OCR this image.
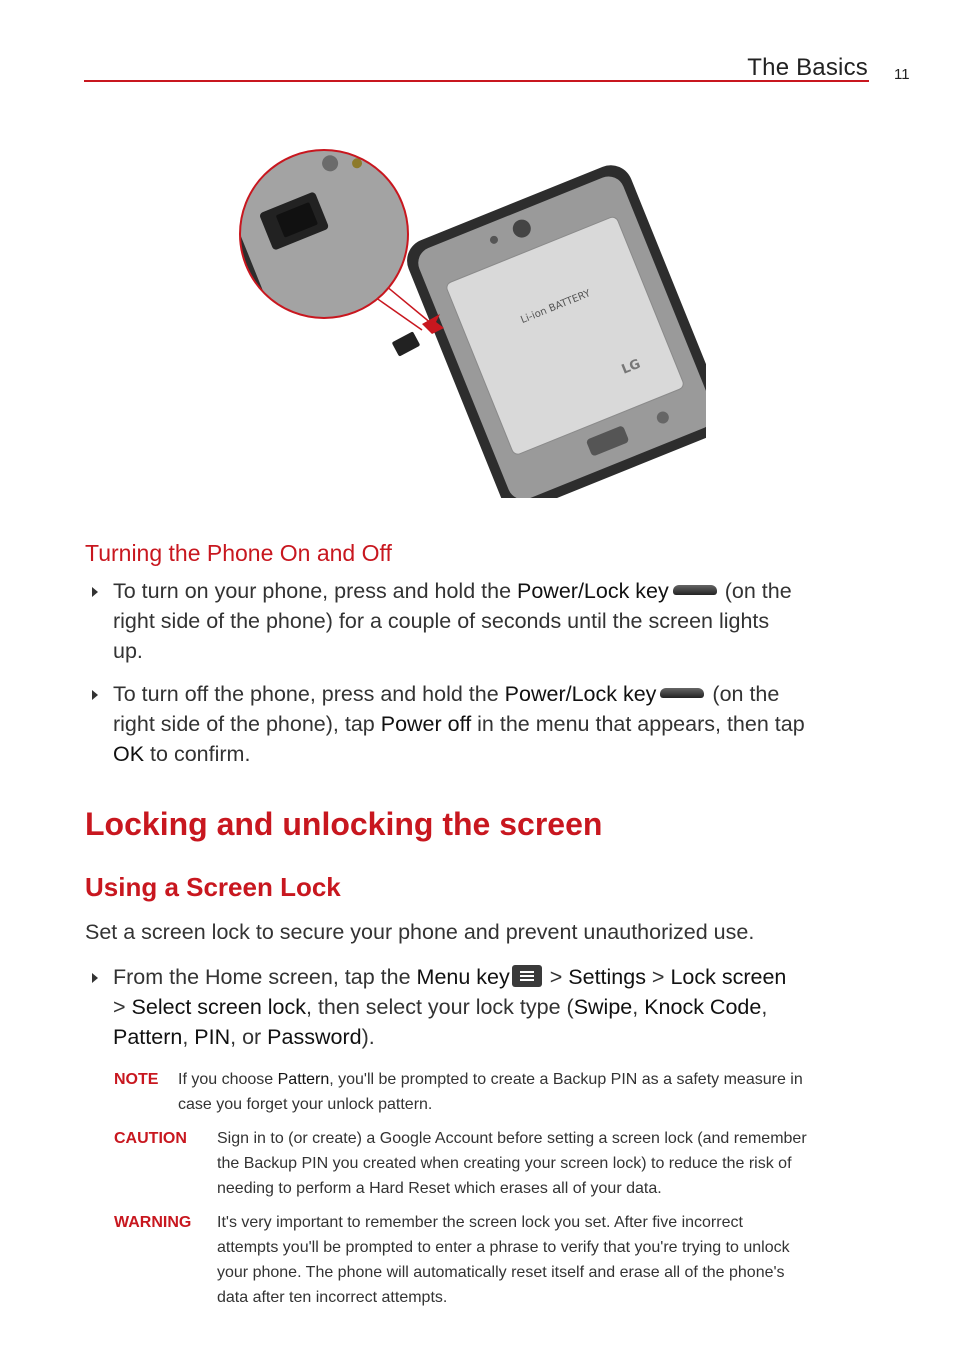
The Basics 11
Li-ion BATTERY
LG
Turning the Phone On and Off
To turn on your phone, press and hold the Power/Lock key (on the
right side of the phone) for a couple of seconds until the screen lights
up.
To turn off the phone, press and hold the Power/Lock key (on the
right side of the phone), tap Power off in the menu that appears, then tap
OK to confirm.
Locking and unlocking the screen
Using a Screen Lock
Set a screen lock to secure your phone and prevent unauthorized use.
From the Home screen, tap the Menu key
> Settings > Lock screen
> Select screen lock, then select your lock type (Swipe, Knock Code,
Pattern, PIN, or Password).
NOTE If you choose Pattern, you'll be prompted to create a Backup PIN as a safety measure in
case you forget your unlock pattern.
CAUTION Sign in to (or create) a Google Account before setting a screen lock (and remember
the Backup PIN you created when creating your screen lock) to reduce the risk of
needing to perform a Hard Reset which erases all of your data.
WARNING It's very important to remember the screen lock you set. After five incorrect
attempts you'll be prompted to enter a phrase to verify that you're trying to unlock
your phone. The phone will automatically reset itself and erase all of the phone's
data after ten incorrect attempts.
